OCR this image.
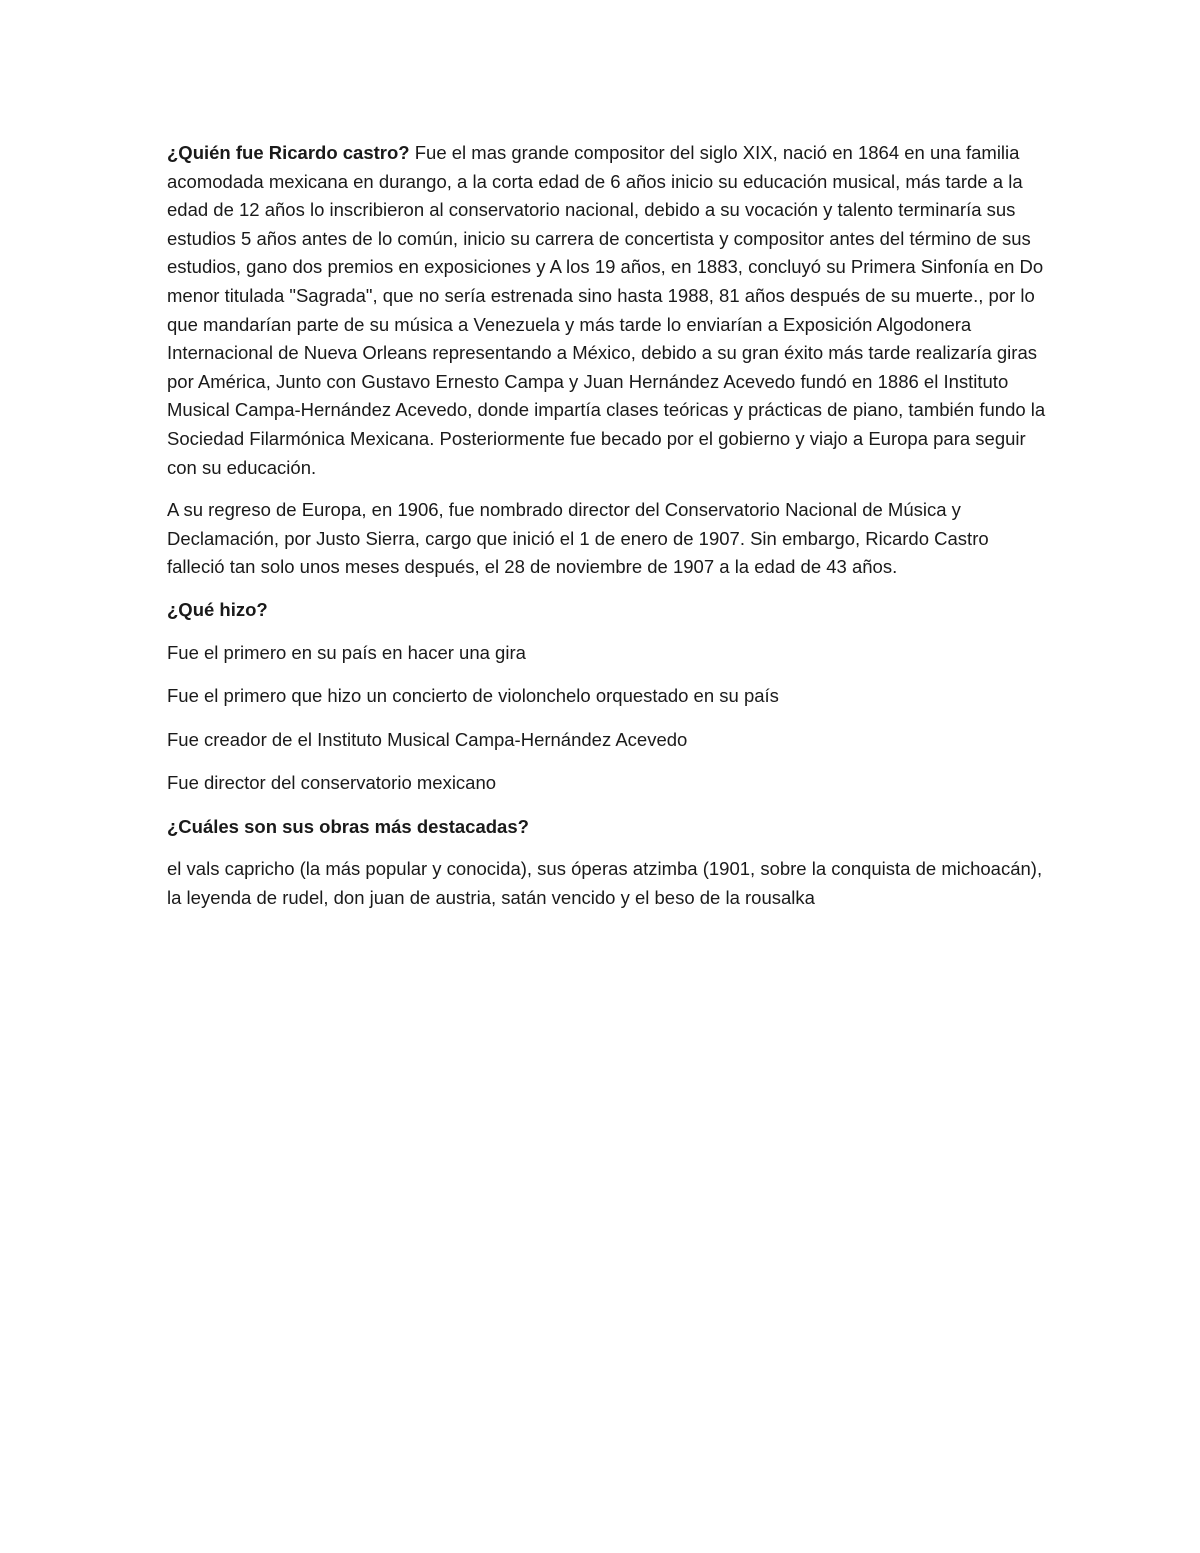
¿Quién fue Ricardo castro? Fue el mas grande compositor del siglo XIX, nació en 1864 en una familia acomodada mexicana en durango, a la corta edad de 6 años inicio su educación musical, más tarde a la edad de 12 años lo inscribieron al conservatorio nacional, debido a su vocación y talento terminaría sus estudios 5 años antes de lo común, inicio su carrera de concertista y compositor antes del término de sus estudios, gano dos premios en exposiciones y A los 19 años, en 1883, concluyó su Primera Sinfonía en Do menor titulada "Sagrada", que no sería estrenada sino hasta 1988, 81 años después de su muerte., por lo que mandarían parte de su música a Venezuela y más tarde lo enviarían a Exposición Algodonera Internacional de Nueva Orleans representando a México, debido a su gran éxito más tarde realizaría giras por América, Junto con Gustavo Ernesto Campa y Juan Hernández Acevedo fundó en 1886 el Instituto Musical Campa-Hernández Acevedo, donde impartía clases teóricas y prácticas de piano, también fundo la Sociedad Filarmónica Mexicana. Posteriormente fue becado por el gobierno y viajo a Europa para seguir con su educación.

A su regreso de Europa, en 1906, fue nombrado director del Conservatorio Nacional de Música y Declamación, por Justo Sierra, cargo que inició el 1 de enero de 1907. Sin embargo, Ricardo Castro falleció tan solo unos meses después, el 28 de noviembre de 1907 a la edad de 43 años.

¿Qué hizo?

Fue el primero en su país en hacer una gira

Fue el primero que hizo un concierto de violonchelo orquestado en su país

Fue creador de el Instituto Musical Campa-Hernández Acevedo

Fue director del conservatorio mexicano

¿Cuáles son sus obras más destacadas?

el vals capricho (la más popular y conocida), sus óperas atzimba (1901, sobre la conquista de michoacán), la leyenda de rudel, don juan de austria, satán vencido y el beso de la rousalka
